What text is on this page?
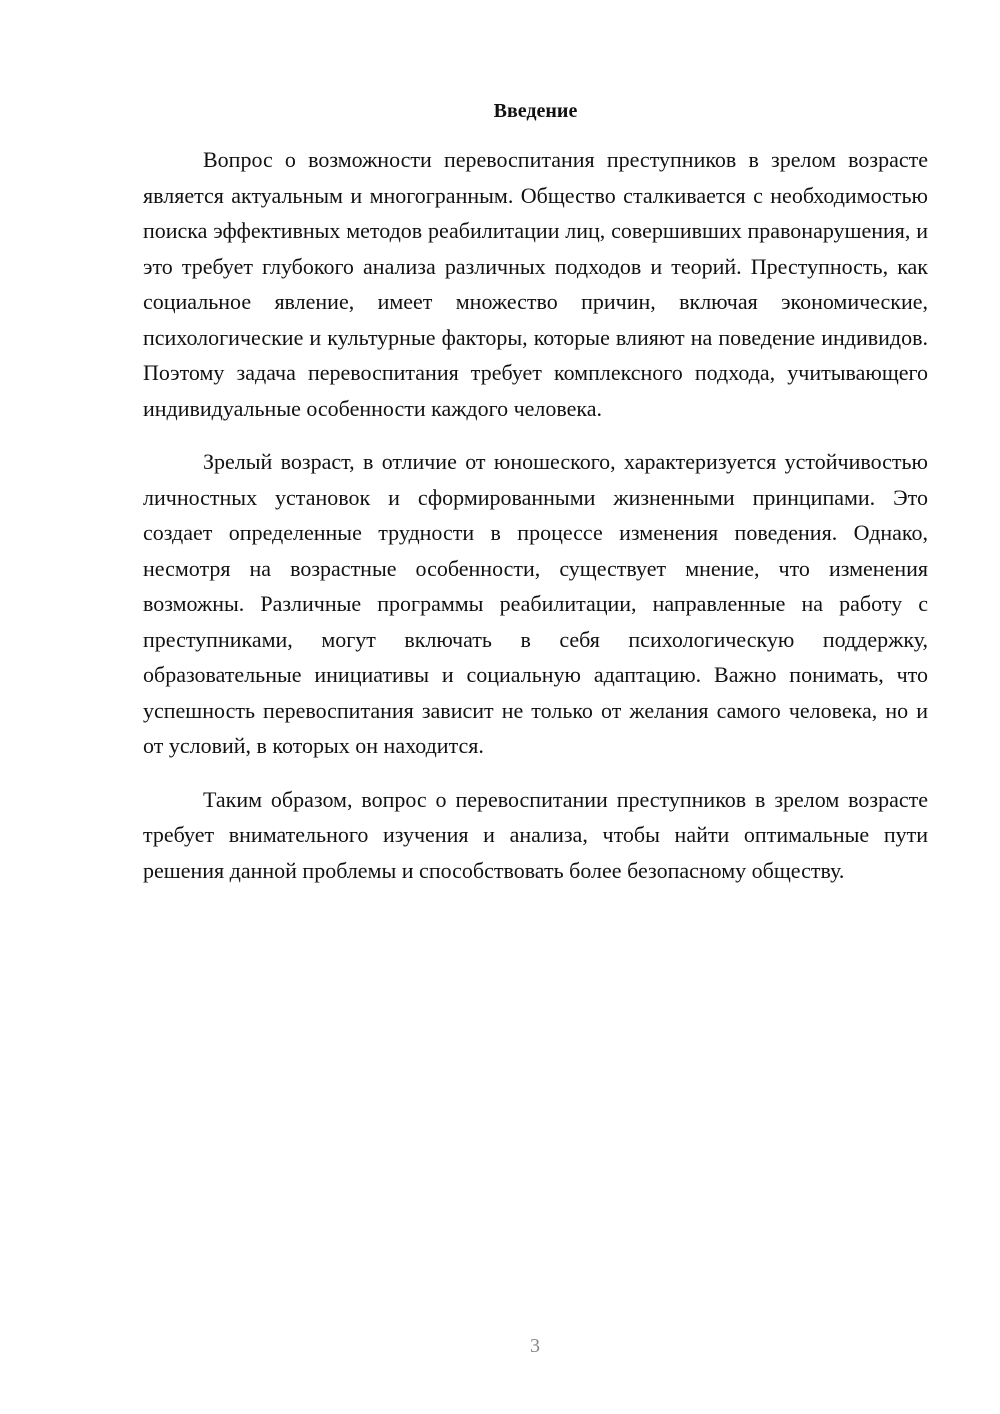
Введение

Вопрос о возможности перевоспитания преступников в зрелом возрасте является актуальным и многогранным. Общество сталкивается с необходимостью поиска эффективных методов реабилитации лиц, совершивших правонарушения, и это требует глубокого анализа различных подходов и теорий. Преступность, как социальное явление, имеет множество причин, включая экономические, психологические и культурные факторы, которые влияют на поведение индивидов. Поэтому задача перевоспитания требует комплексного подхода, учитывающего индивидуальные особенности каждого человека.

Зрелый возраст, в отличие от юношеского, характеризуется устойчивостью личностных установок и сформированными жизненными принципами. Это создает определенные трудности в процессе изменения поведения. Однако, несмотря на возрастные особенности, существует мнение, что изменения возможны. Различные программы реабилитации, направленные на работу с преступниками, могут включать в себя психологическую поддержку, образовательные инициативы и социальную адаптацию. Важно понимать, что успешность перевоспитания зависит не только от желания самого человека, но и от условий, в которых он находится.

Таким образом, вопрос о перевоспитании преступников в зрелом возрасте требует внимательного изучения и анализа, чтобы найти оптимальные пути решения данной проблемы и способствовать более безопасному обществу.

3
